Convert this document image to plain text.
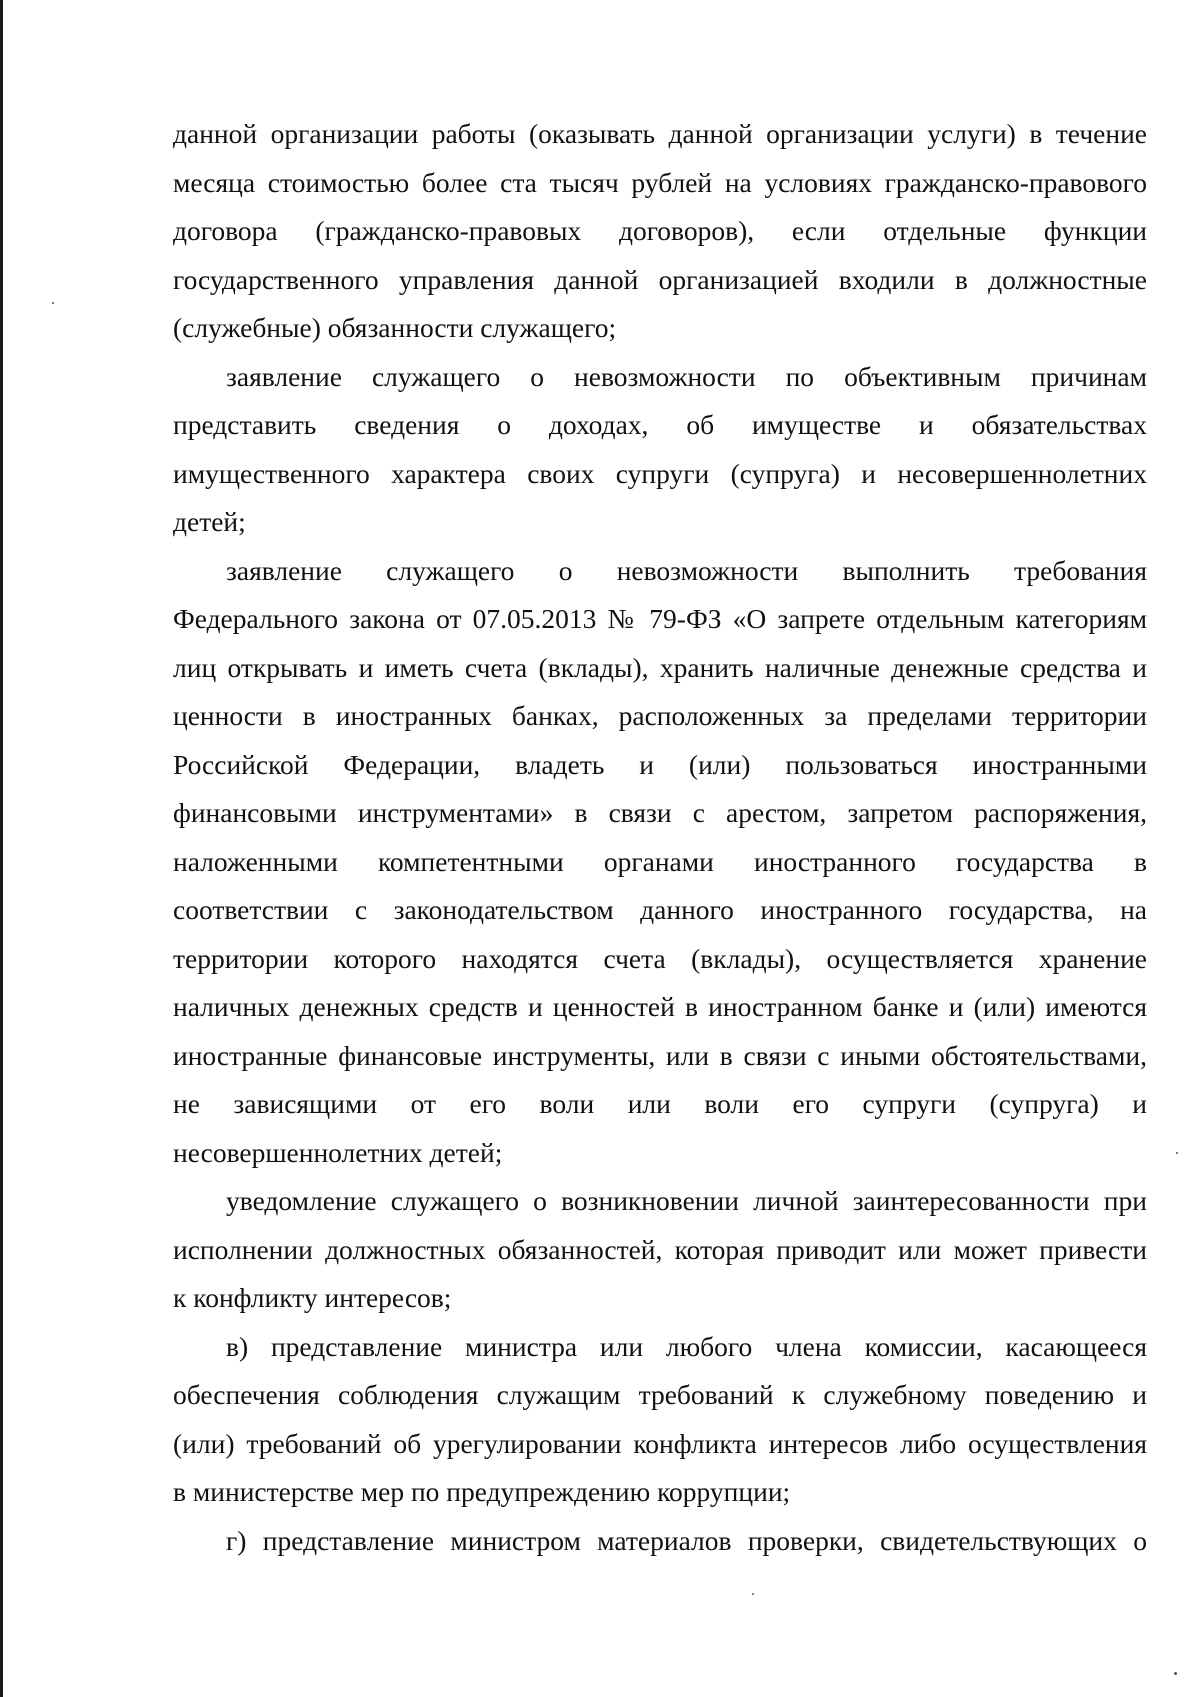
данной организации работы (оказывать данной организации услуги) в течение
месяца стоимостью более ста тысяч рублей на условиях гражданско-правового
договора (гражданско-правовых договоров), если отдельные функции
государственного управления данной организацией входили в должностные
(служебные) обязанности служащего;
заявление служащего о невозможности по объективным причинам
представить сведения о доходах, об имуществе и обязательствах
имущественного характера своих супруги (супруга) и несовершеннолетних
детей;
заявление служащего о невозможности выполнить требования
Федерального закона от 07.05.2013 № 79-ФЗ «О запрете отдельным категориям
лиц открывать и иметь счета (вклады), хранить наличные денежные средства и
ценности в иностранных банках, расположенных за пределами территории
Российской Федерации, владеть и (или) пользоваться иностранными
финансовыми инструментами» в связи с арестом, запретом распоряжения,
наложенными компетентными органами иностранного государства в
соответствии с законодательством данного иностранного государства, на
территории которого находятся счета (вклады), осуществляется хранение
наличных денежных средств и ценностей в иностранном банке и (или) имеются
иностранные финансовые инструменты, или в связи с иными обстоятельствами,
не зависящими от его воли или воли его супруги (супруга) и
несовершеннолетних детей;
уведомление служащего о возникновении личной заинтересованности при
исполнении должностных обязанностей, которая приводит или может привести
к конфликту интересов;
в) представление министра или любого члена комиссии, касающееся
обеспечения соблюдения служащим требований к служебному поведению и
(или) требований об урегулировании конфликта интересов либо осуществления
в министерстве мер по предупреждению коррупции;
г) представление министром материалов проверки, свидетельствующих о
